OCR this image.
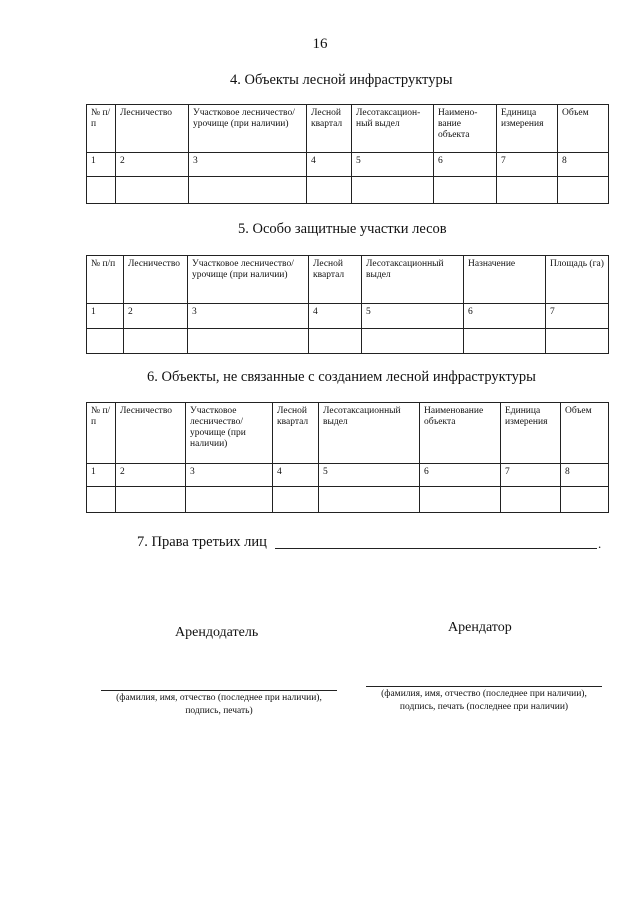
16
4. Объекты лесной инфраструктуры
№ п/п	Лесничество	Участковое лесничество/урочище (при наличии)	Лесной квартал	Лесотаксацион-ный выдел	Наимено-вание объекта	Единица измерения	Объем
1	2	3	4	5	6	7	8

5. Особо защитные участки лесов
№ п/п	Лесничество	Участковое лесничество/урочище (при наличии)	Лесной квартал	Лесотаксационный выдел	Назначение	Площадь (га)
1	2	3	4	5	6	7

6. Объекты, не связанные с созданием лесной инфраструктуры
№ п/п	Лесничество	Участковое лесничество/ урочище (при наличии)	Лесной квартал	Лесотаксационный выдел	Наименование объекта	Единица измерения	Объем
1	2	3	4	5	6	7	8

7. Права третьих лиц	.
Арендодатель	Арендатор
(фамилия, имя, отчество (последнее при наличии),
подпись, печать)
(фамилия, имя, отчество (последнее при наличии),
подпись, печать (последнее при наличии)
